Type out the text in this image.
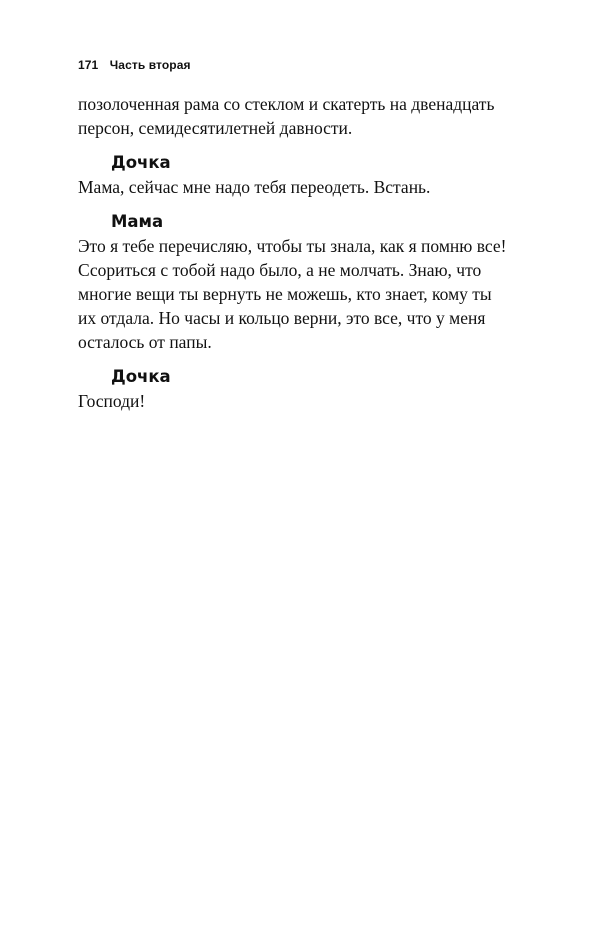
171 Часть вторая

позолоченная рама со стеклом и скатерть на двенадцать
персон, семидесятилетней давности.

Дочка

Мама, сейчас мне надо тебя переодеть. Встань.

Мама

Это я тебе перечисляю, чтобы ты знала, как я помню все!
Ссориться с тобой надо было, а не молчать. Знаю, что
многие вещи ты вернуть не можешь, кто знает, кому ты
их отдала. Но часы и кольцо верни, это все, что у меня
осталось от папы.

Дочка

Господи!
